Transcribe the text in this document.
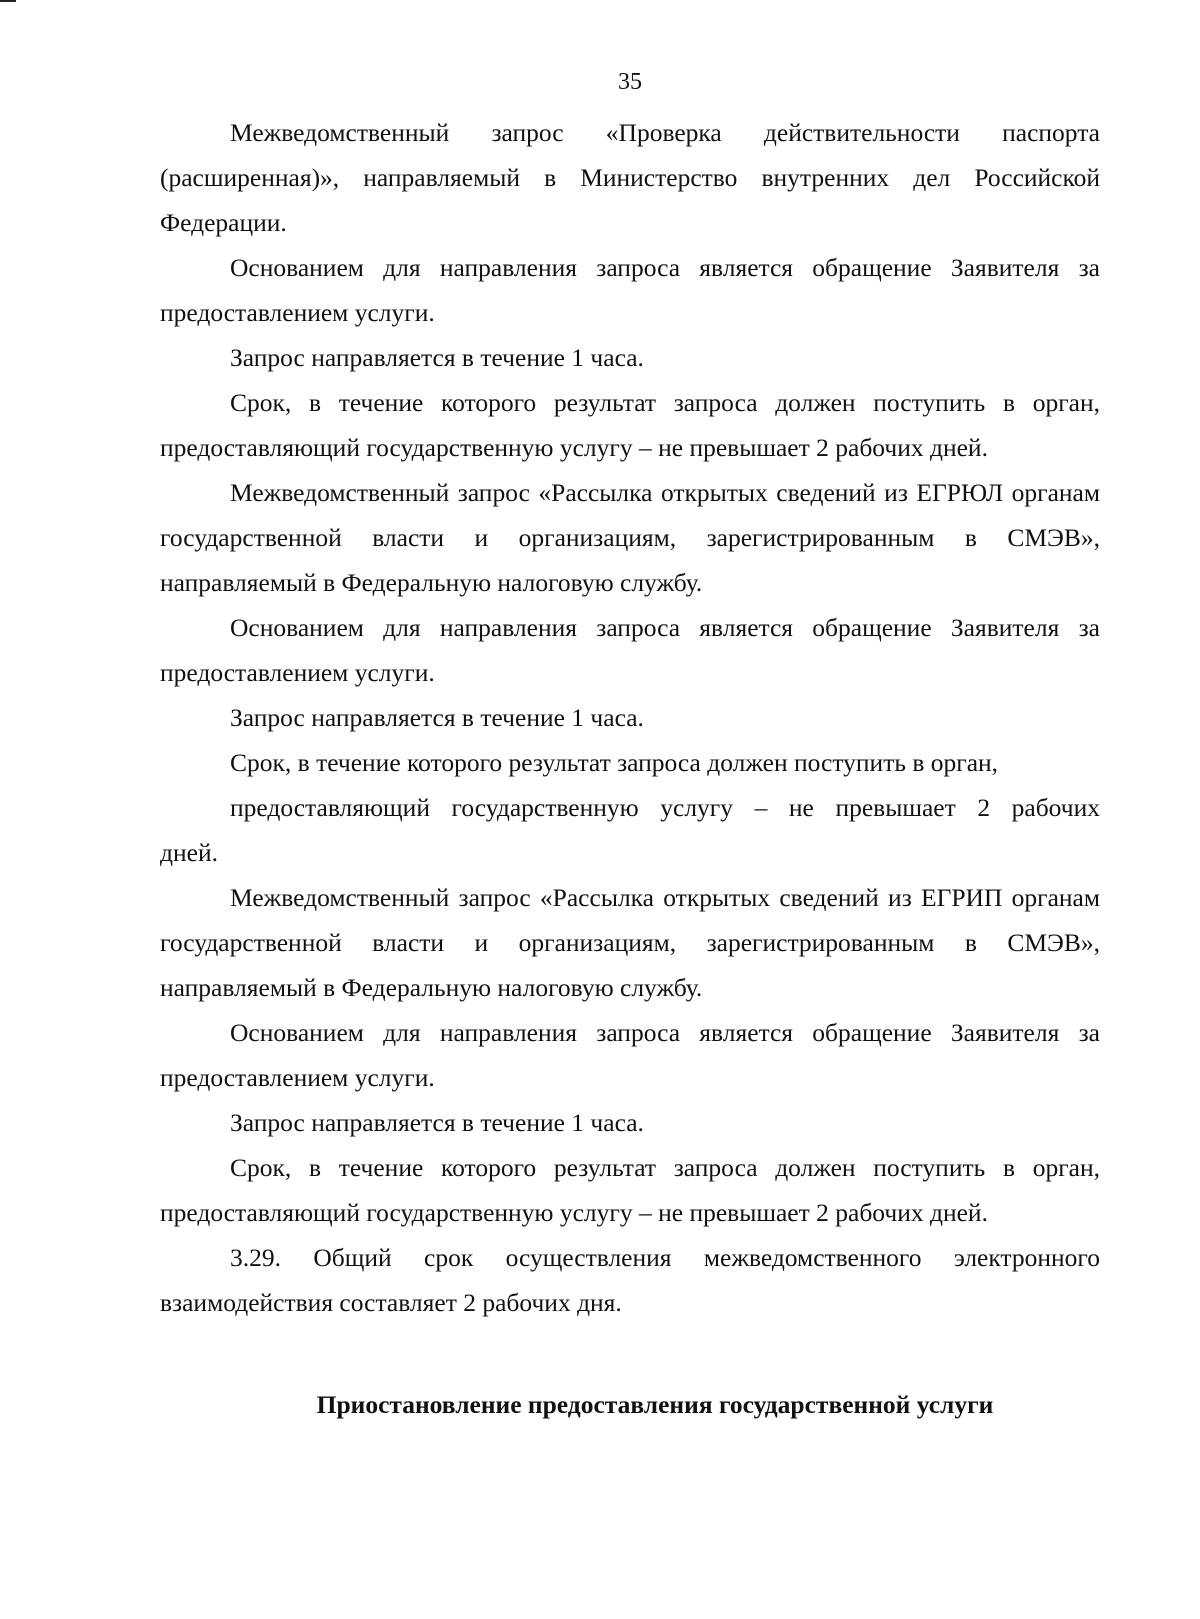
35

Межведомственный запрос «Проверка действительности паспорта (расширенная)», направляемый в Министерство внутренних дел Российской Федерации.

Основанием для направления запроса является обращение Заявителя за предоставлением услуги.

Запрос направляется в течение 1 часа.

Срок, в течение которого результат запроса должен поступить в орган, предоставляющий государственную услугу – не превышает 2 рабочих дней.

Межведомственный запрос «Рассылка открытых сведений из ЕГРЮЛ органам государственной власти и организациям, зарегистрированным в СМЭВ», направляемый в Федеральную налоговую службу.

Основанием для направления запроса является обращение Заявителя за предоставлением услуги.

Запрос направляется в течение 1 часа.

Срок, в течение которого результат запроса должен поступить в орган,

предоставляющий государственную услугу – не превышает 2 рабочих

дней.

Межведомственный запрос «Рассылка открытых сведений из ЕГРИП органам государственной власти и организациям, зарегистрированным в СМЭВ», направляемый в Федеральную налоговую службу.

Основанием для направления запроса является обращение Заявителя за предоставлением услуги.

Запрос направляется в течение 1 часа.

Срок, в течение которого результат запроса должен поступить в орган, предоставляющий государственную услугу – не превышает 2 рабочих дней.

3.29. Общий срок осуществления межведомственного электронного взаимодействия составляет 2 рабочих дня.

Приостановление предоставления государственной услуги
